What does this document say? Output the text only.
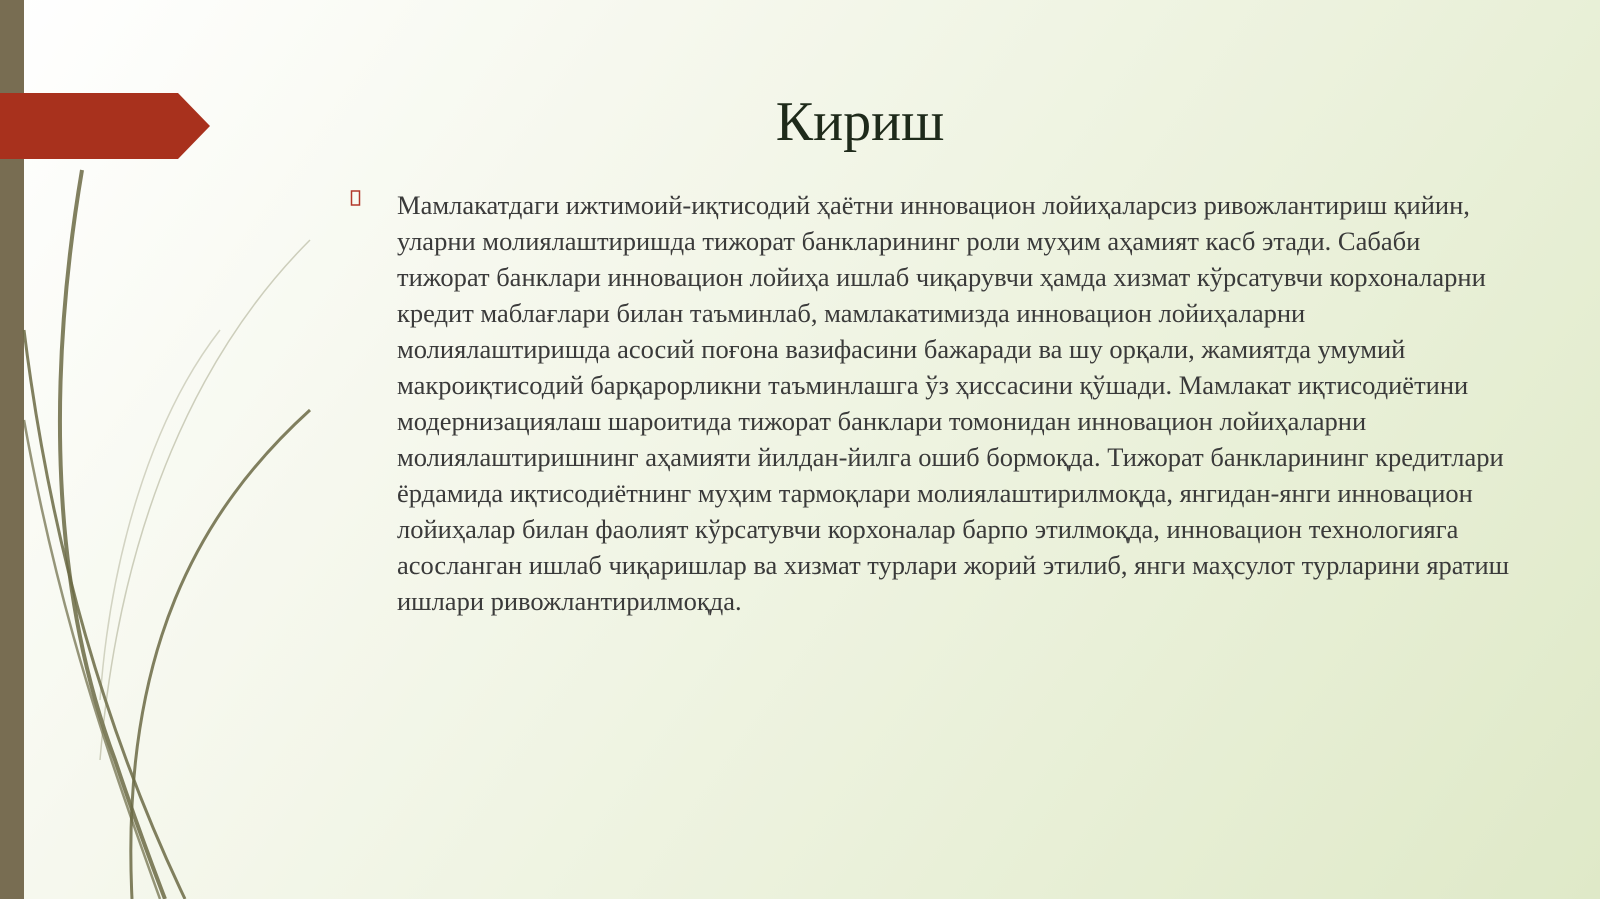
Кириш

Мамлакатдаги ижтимоий-иқтисодий ҳаётни инновацион лойиҳаларсиз ривожлантириш қийин, уларни молиялаштиришда тижорат банкларининг роли муҳим аҳамият касб этади. Сабаби тижорат банклари инновацион лойиҳа ишлаб чиқарувчи ҳамда хизмат кўрсатувчи корхоналарни кредит маблағлари билан таъминлаб, мамлакатимизда инновацион лойиҳаларни молиялаштиришда асосий поғона вазифасини бажаради ва шу орқали, жамиятда умумий макроиқтисодий барқарорликни таъминлашга ўз ҳиссасини қўшади. Мамлакат иқтисодиётини модернизациялаш шароитида тижорат банклари томонидан инновацион лойиҳаларни молиялаштиришнинг аҳамияти йилдан-йилга ошиб бормоқда. Тижорат банкларининг кредитлари ёрдамида иқтисодиётнинг муҳим тармоқлари молиялаштирилмоқда, янгидан-янги инновацион лойиҳалар билан фаолият кўрсатувчи корхоналар барпо этилмоқда, инновацион технологияга асосланган ишлаб чиқаришлар ва хизмат турлари жорий этилиб, янги маҳсулот турларини яратиш ишлари ривожлантирилмоқда.
